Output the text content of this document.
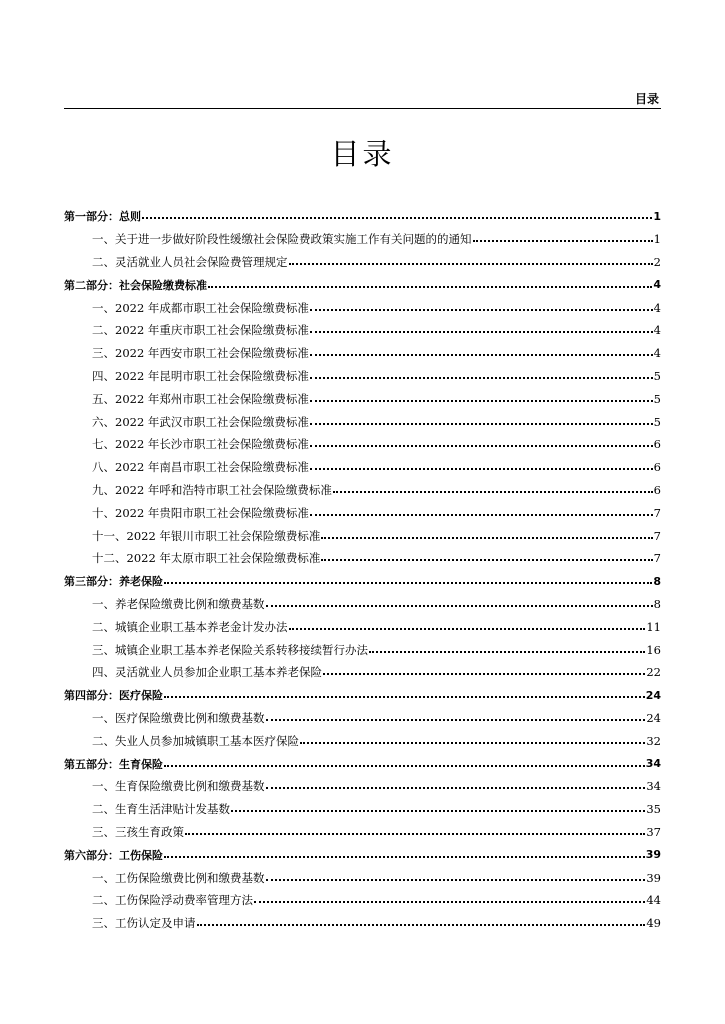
目录
目录
第一部分：总则	1
一、关于进一步做好阶段性缓缴社会保险费政策实施工作有关问题的的通知	1
二、灵活就业人员社会保险费管理规定	2
第二部分：社会保险缴费标准	4
一、2022 年成都市职工社会保险缴费标准	4
二、2022 年重庆市职工社会保险缴费标准	4
三、2022 年西安市职工社会保险缴费标准	4
四、2022 年昆明市职工社会保险缴费标准	5
五、2022 年郑州市职工社会保险缴费标准	5
六、2022 年武汉市职工社会保险缴费标准	5
七、2022 年长沙市职工社会保险缴费标准	6
八、2022 年南昌市职工社会保险缴费标准	6
九、2022 年呼和浩特市职工社会保险缴费标准	6
十、2022 年贵阳市职工社会保险缴费标准	7
十一、2022 年银川市职工社会保险缴费标准	7
十二、2022 年太原市职工社会保险缴费标准	7
第三部分：养老保险	8
一、养老保险缴费比例和缴费基数	8
二、城镇企业职工基本养老金计发办法	11
三、城镇企业职工基本养老保险关系转移接续暂行办法	16
四、灵活就业人员参加企业职工基本养老保险	22
第四部分：医疗保险	24
一、医疗保险缴费比例和缴费基数	24
二、失业人员参加城镇职工基本医疗保险	32
第五部分：生育保险	34
一、生育保险缴费比例和缴费基数	34
二、生育生活津贴计发基数	35
三、三孩生育政策	37
第六部分：工伤保险	39
一、工伤保险缴费比例和缴费基数	39
二、工伤保险浮动费率管理方法	44
三、工伤认定及申请	49
